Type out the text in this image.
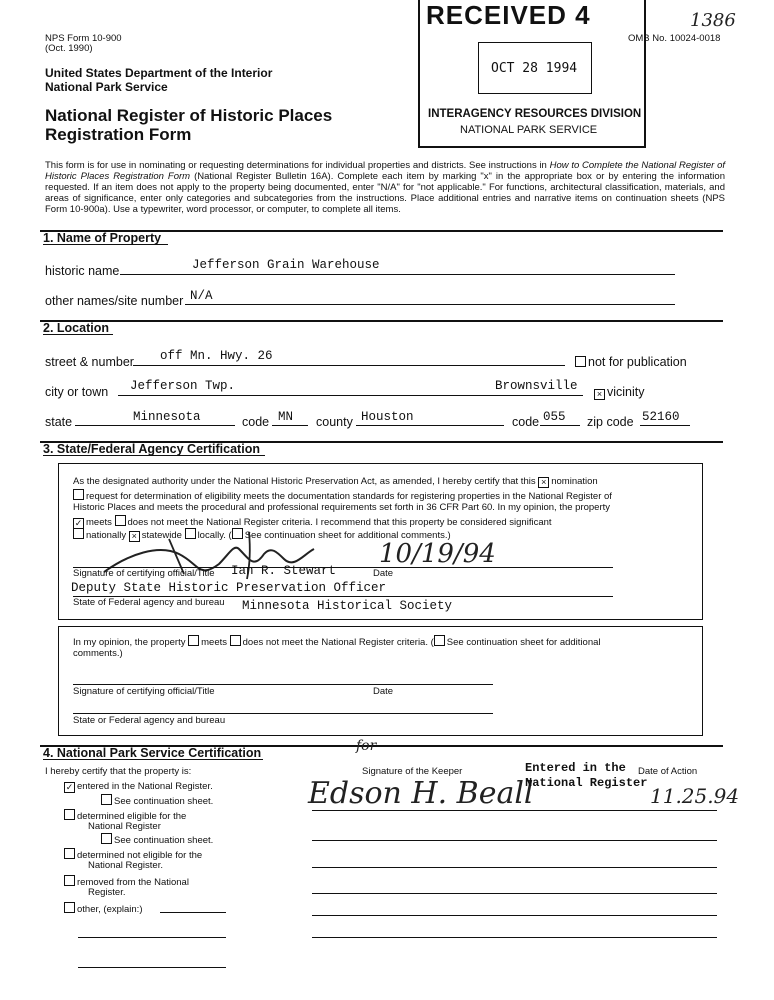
NPS Form 10-900
(Oct. 1990)
OMB No. 10024-0018
1386
United States Department of the Interior
National Park Service
National Register of Historic Places
Registration Form
RECEIVED 4
OCT 28 1994
INTERAGENCY RESOURCES DIVISION
NATIONAL PARK SERVICE
This form is for use in nominating or requesting determinations for individual properties and districts. See instructions in How to Complete the National Register of Historic Places Registration Form (National Register Bulletin 16A). Complete each item by marking "x" in the appropriate box or by entering the information requested. If an item does not apply to the property being documented, enter "N/A" for "not applicable." For functions, architectural classification, materials, and areas of significance, enter only categories and subcategories from the instructions. Place additional entries and narrative items on continuation sheets (NPS Form 10-900a). Use a typewriter, word processor, or computer, to complete all items.
1. Name of Property
historic name	Jefferson Grain Warehouse
other names/site number N/A
2. Location
street & number off Mn. Hwy. 26	not for publication
city or town Jefferson Twp.	Brownsville
× vicinity
state	Minnesota	code MN county Houston	code 055 zip code 52160
3. State/Federal Agency Certification
As the designated authority under the National Historic Preservation Act, as amended, I hereby certify that this × nomination
request for determination of eligibility meets the documentation standards for registering properties in the National Register of
Historic Places and meets the procedural and professional requirements set forth in 36 CFR Part 60. In my opinion, the property
✓ meets does not meet the National Register criteria. I recommend that this property be considered significant
nationally × statewide locally. ( See continuation sheet for additional comments.)
10/19/94
Signature of certifying official/Title Ian R. Stewart	Date
Deputy State Historic Preservation Officer
State of Federal agency and bureau Minnesota Historical Society
In my opinion, the property meets does not meet the National Register criteria. ( See continuation sheet for additional
comments.)
Signature of certifying official/Title	Date
State or Federal agency and bureau
4. National Park Service Certification
I hereby certify that the property is:
✓ entered in the National Register.
See continuation sheet.
determined eligible for the
National Register
See continuation sheet.
determined not eligible for the
National Register.
removed from the National
Register.
other, (explain:)
Signature of the Keeper	Date of Action
for
Edson H. Beall
Entered in the
National Register
11.25.94
